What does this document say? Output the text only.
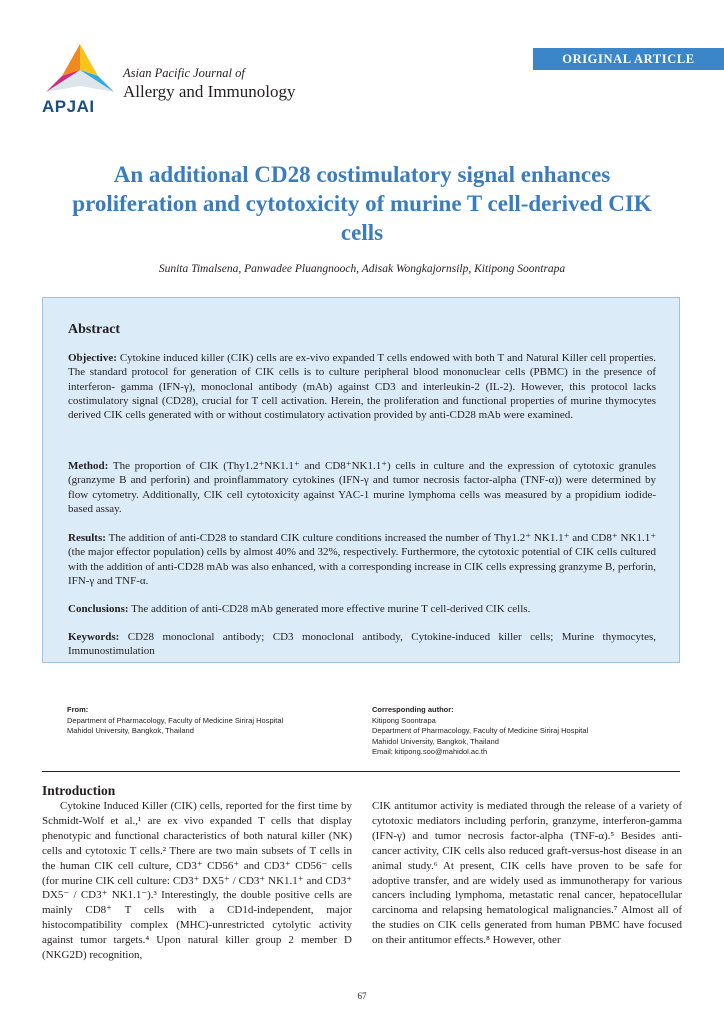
APJAI
Asian Pacific Journal of
Allergy and Immunology
ORIGINAL ARTICLE
An additional CD28 costimulatory signal enhances proliferation and cytotoxicity of murine T cell-derived CIK cells
Sunita Timalsena, Panwadee Pluangnooch, Adisak Wongkajornsilp, Kitipong Soontrapa
Abstract
Objective: Cytokine induced killer (CIK) cells are ex-vivo expanded T cells endowed with both T and Natural Killer cell properties. The standard protocol for generation of CIK cells is to culture peripheral blood mononuclear cells (PBMC) in the presence of interferon- gamma (IFN-γ), monoclonal antibody (mAb) against CD3 and interleukin-2 (IL-2). However, this protocol lacks costimulatory signal (CD28), crucial for T cell activation. Herein, the proliferation and functional properties of murine thymocytes derived CIK cells generated with or without costimulatory activation provided by anti-CD28 mAb were examined.
Method: The proportion of CIK (Thy1.2⁺NK1.1⁺ and CD8⁺NK1.1⁺) cells in culture and the expression of cytotoxic granules (granzyme B and perforin) and proinflammatory cytokines (IFN-γ and tumor necrosis factor-alpha (TNF-α)) were determined by flow cytometry. Additionally, CIK cell cytotoxicity against YAC-1 murine lymphoma cells was measured by a propidium iodide-based assay.
Results: The addition of anti-CD28 to standard CIK culture conditions increased the number of Thy1.2⁺ NK1.1⁺ and CD8⁺ NK1.1⁺ (the major effector population) cells by almost 40% and 32%, respectively. Furthermore, the cytotoxic potential of CIK cells cultured with the addition of anti-CD28 mAb was also enhanced, with a corresponding increase in CIK cells expressing granzyme B, perforin, IFN-γ and TNF-α.
Conclusions: The addition of anti-CD28 mAb generated more effective murine T cell-derived CIK cells.
Keywords: CD28 monoclonal antibody; CD3 monoclonal antibody, Cytokine-induced killer cells; Murine thymocytes, Immunostimulation
From:
Department of Pharmacology, Faculty of Medicine Siriraj Hospital
Mahidol University, Bangkok, Thailand
Corresponding author:
Kitipong Soontrapa
Department of Pharmacology, Faculty of Medicine Siriraj Hospital
Mahidol University, Bangkok, Thailand
Email: kitipong.soo@mahidol.ac.th
Introduction

Cytokine Induced Killer (CIK) cells, reported for the first time by Schmidt-Wolf et al.,¹ are ex vivo expanded T cells that display phenotypic and functional characteristics of both natural killer (NK) cells and cytotoxic T cells.² There are two main subsets of T cells in the human CIK cell culture, CD3⁺ CD56⁺ and CD3⁺ CD56⁻ cells (for murine CIK cell culture: CD3⁺ DX5⁺ / CD3⁺ NK1.1⁺ and CD3⁺ DX5⁻ / CD3⁺ NK1.1⁻).³ Interestingly, the double positive cells are mainly CD8⁺ T cells with a CD1d-independent, major histocompatibility complex (MHC)-unrestricted cytolytic activity against tumor targets.⁴ Upon natural killer group 2 member D (NKG2D) recognition,

CIK antitumor activity is mediated through the release of a variety of cytotoxic mediators including perforin, granzyme, interferon-gamma (IFN-γ) and tumor necrosis factor-alpha (TNF-α).⁵ Besides anti-cancer activity, CIK cells also reduced graft-versus-host disease in an animal study.⁶ At present, CIK cells have proven to be safe for adoptive transfer, and are widely used as immunotherapy for various cancers including lymphoma, metastatic renal cancer, hepatocellular carcinoma and relapsing hematological malignancies.⁷ Almost all of the studies on CIK cells generated from human PBMC have focused on their antitumor effects.⁸ However, other

67
